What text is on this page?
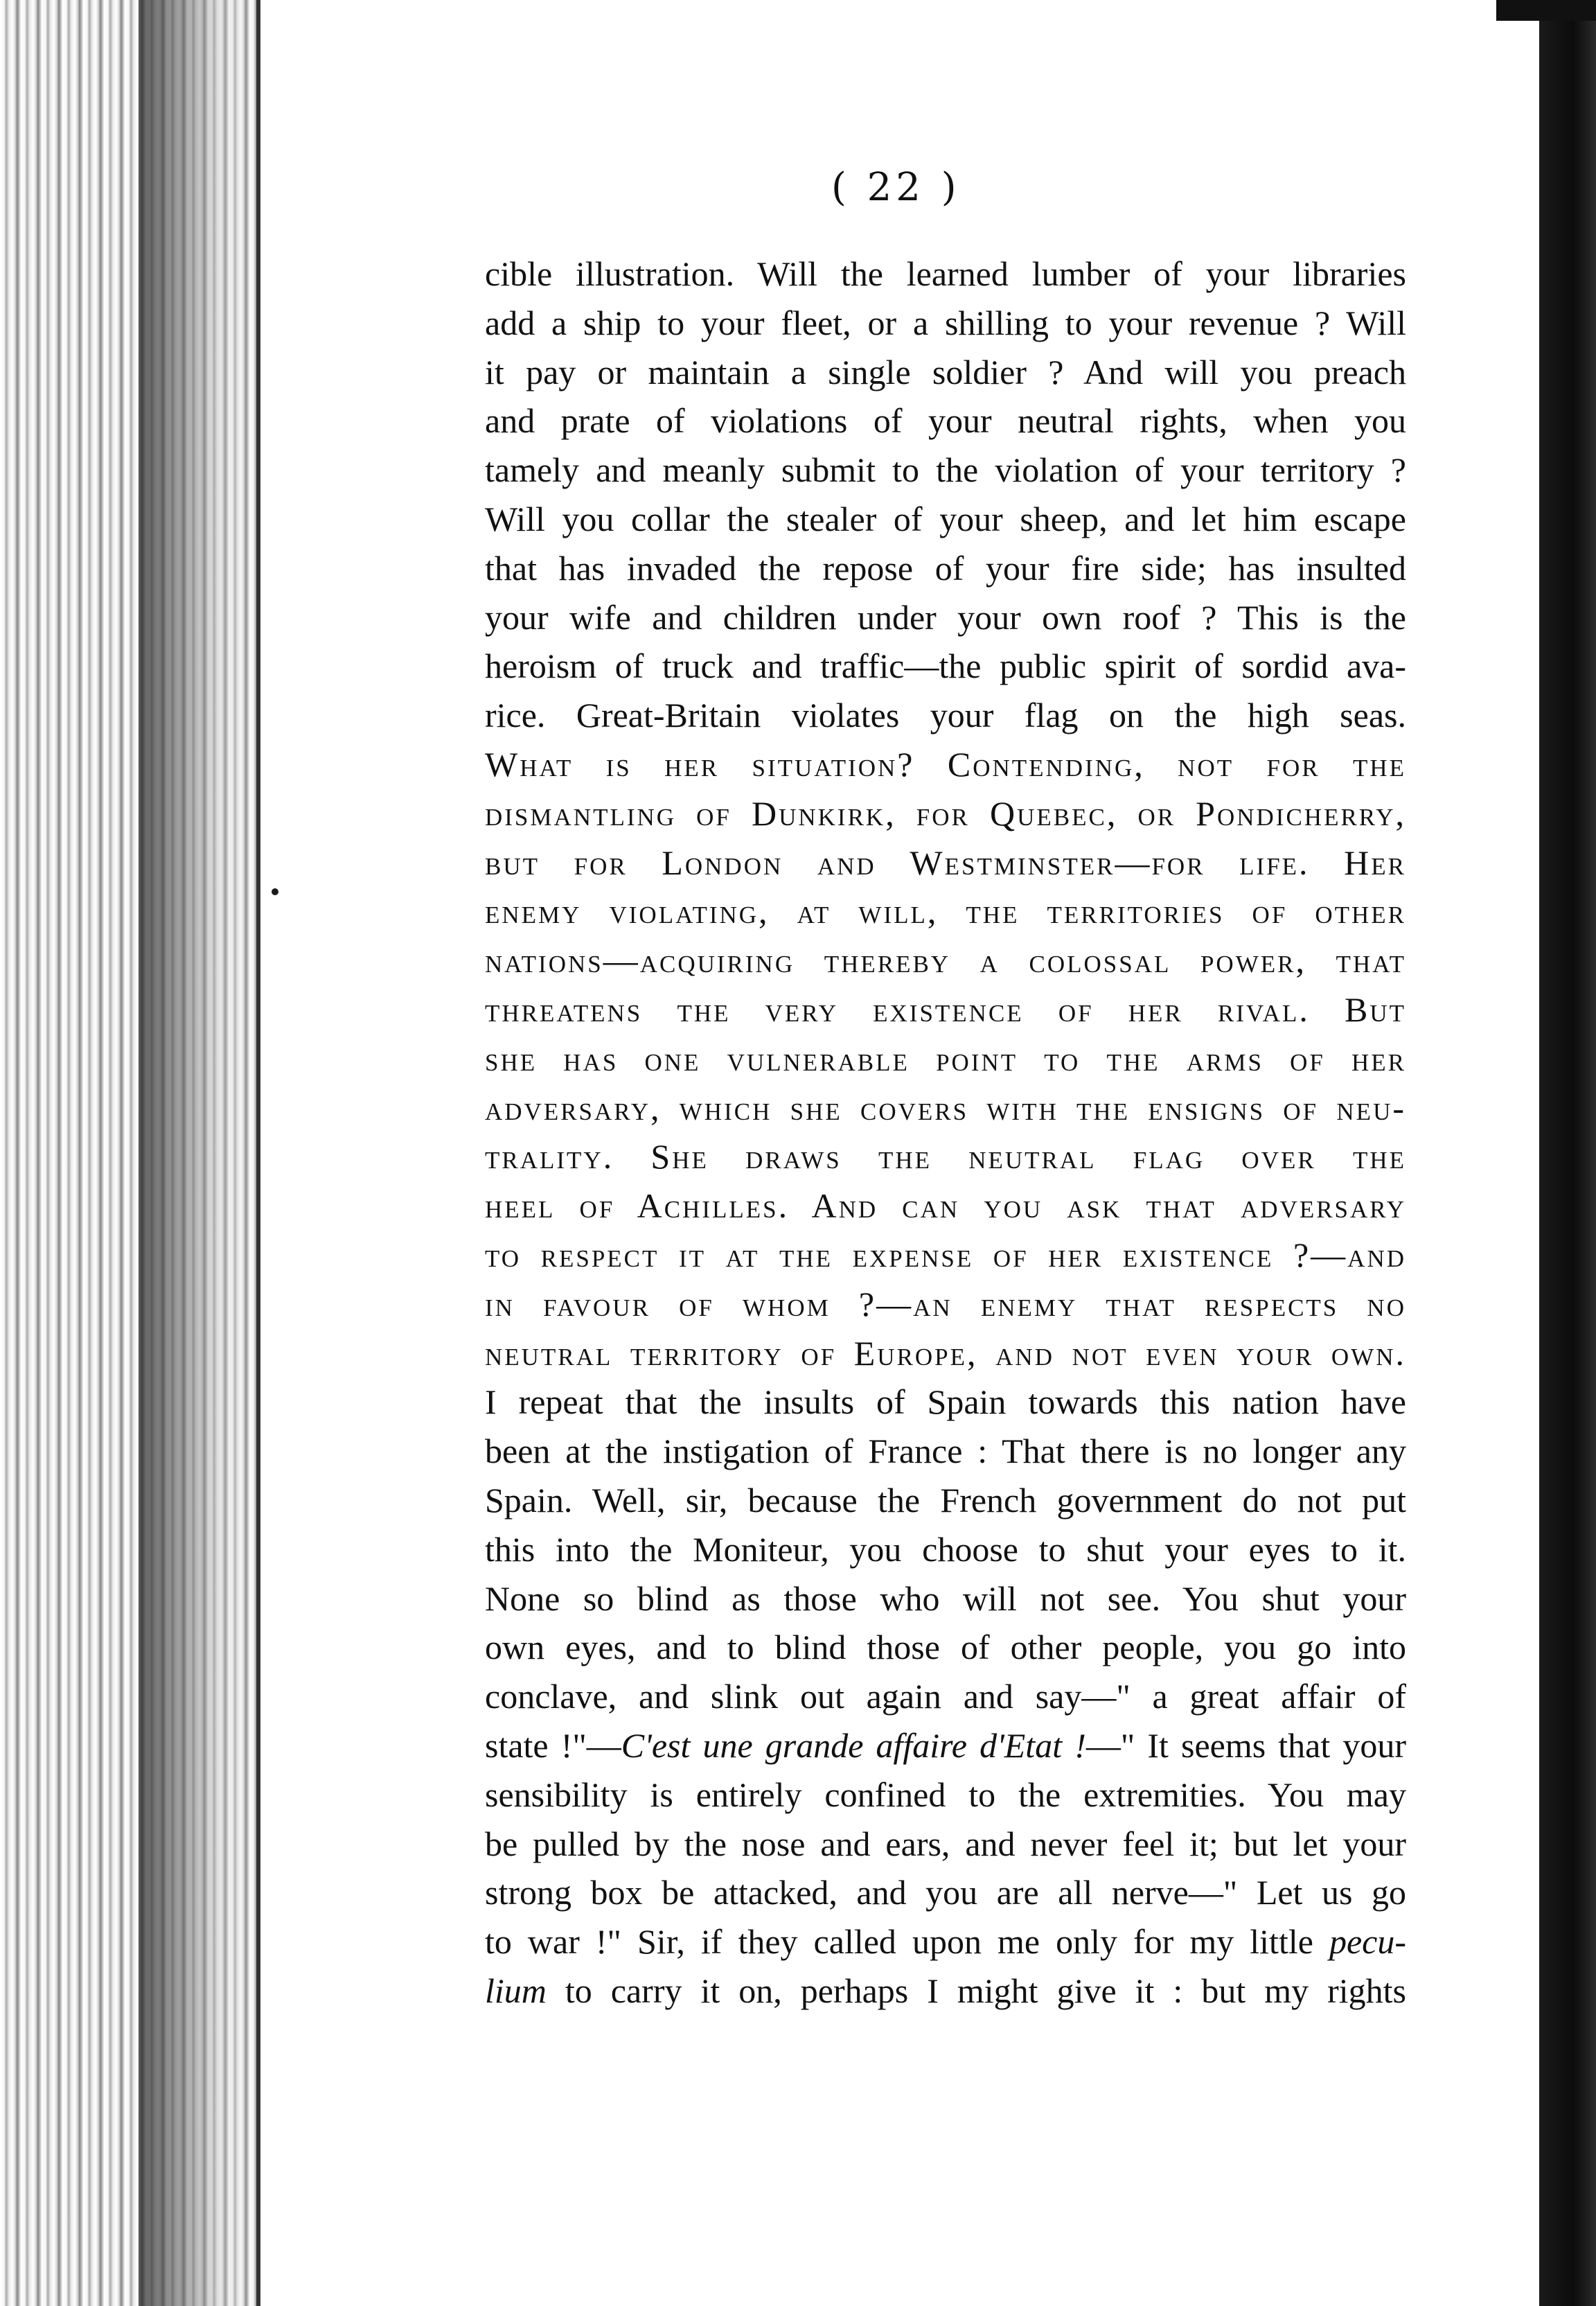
( 22 )
cible illustration. Will the learned lumber of your libraries
add a ship to your fleet, or a shilling to your revenue ? Will
it pay or maintain a single soldier ? And will you preach
and prate of violations of your neutral rights, when you
tamely and meanly submit to the violation of your territory ?
Will you collar the stealer of your sheep, and let him escape
that has invaded the repose of your fire side; has insulted
your wife and children under your own roof ? This is the
heroism of truck and traffic—the public spirit of sordid ava-
rice. Great-Britain violates your flag on the high seas.
What is her situation? Contending, not for the
dismantling of Dunkirk, for Quebec, or Pondicherry,
but for London and Westminster—for life. Her
enemy violating, at will, the territories of other
nations—acquiring thereby a colossal power, that
threatens the very existence of her rival. But
she has one vulnerable point to the arms of her
adversary, which she covers with the ensigns of neu-
trality. She draws the neutral flag over the
heel of Achilles. And can you ask that adversary
to respect it at the expense of her existence ?—and
in favour of whom ?—an enemy that respects no
neutral territory of Europe, and not even your own.
I repeat that the insults of Spain towards this nation have
been at the instigation of France : That there is no longer any
Spain. Well, sir, because the French government do not put
this into the Moniteur, you choose to shut your eyes to it.
None so blind as those who will not see. You shut your
own eyes, and to blind those of other people, you go into
conclave, and slink out again and say—" a great affair of
state !"—C'est une grande affaire d'Etat !—" It seems that your
sensibility is entirely confined to the extremities. You may
be pulled by the nose and ears, and never feel it; but let your
strong box be attacked, and you are all nerve—" Let us go
to war !" Sir, if they called upon me only for my little pecu-
lium to carry it on, perhaps I might give it : but my rights
